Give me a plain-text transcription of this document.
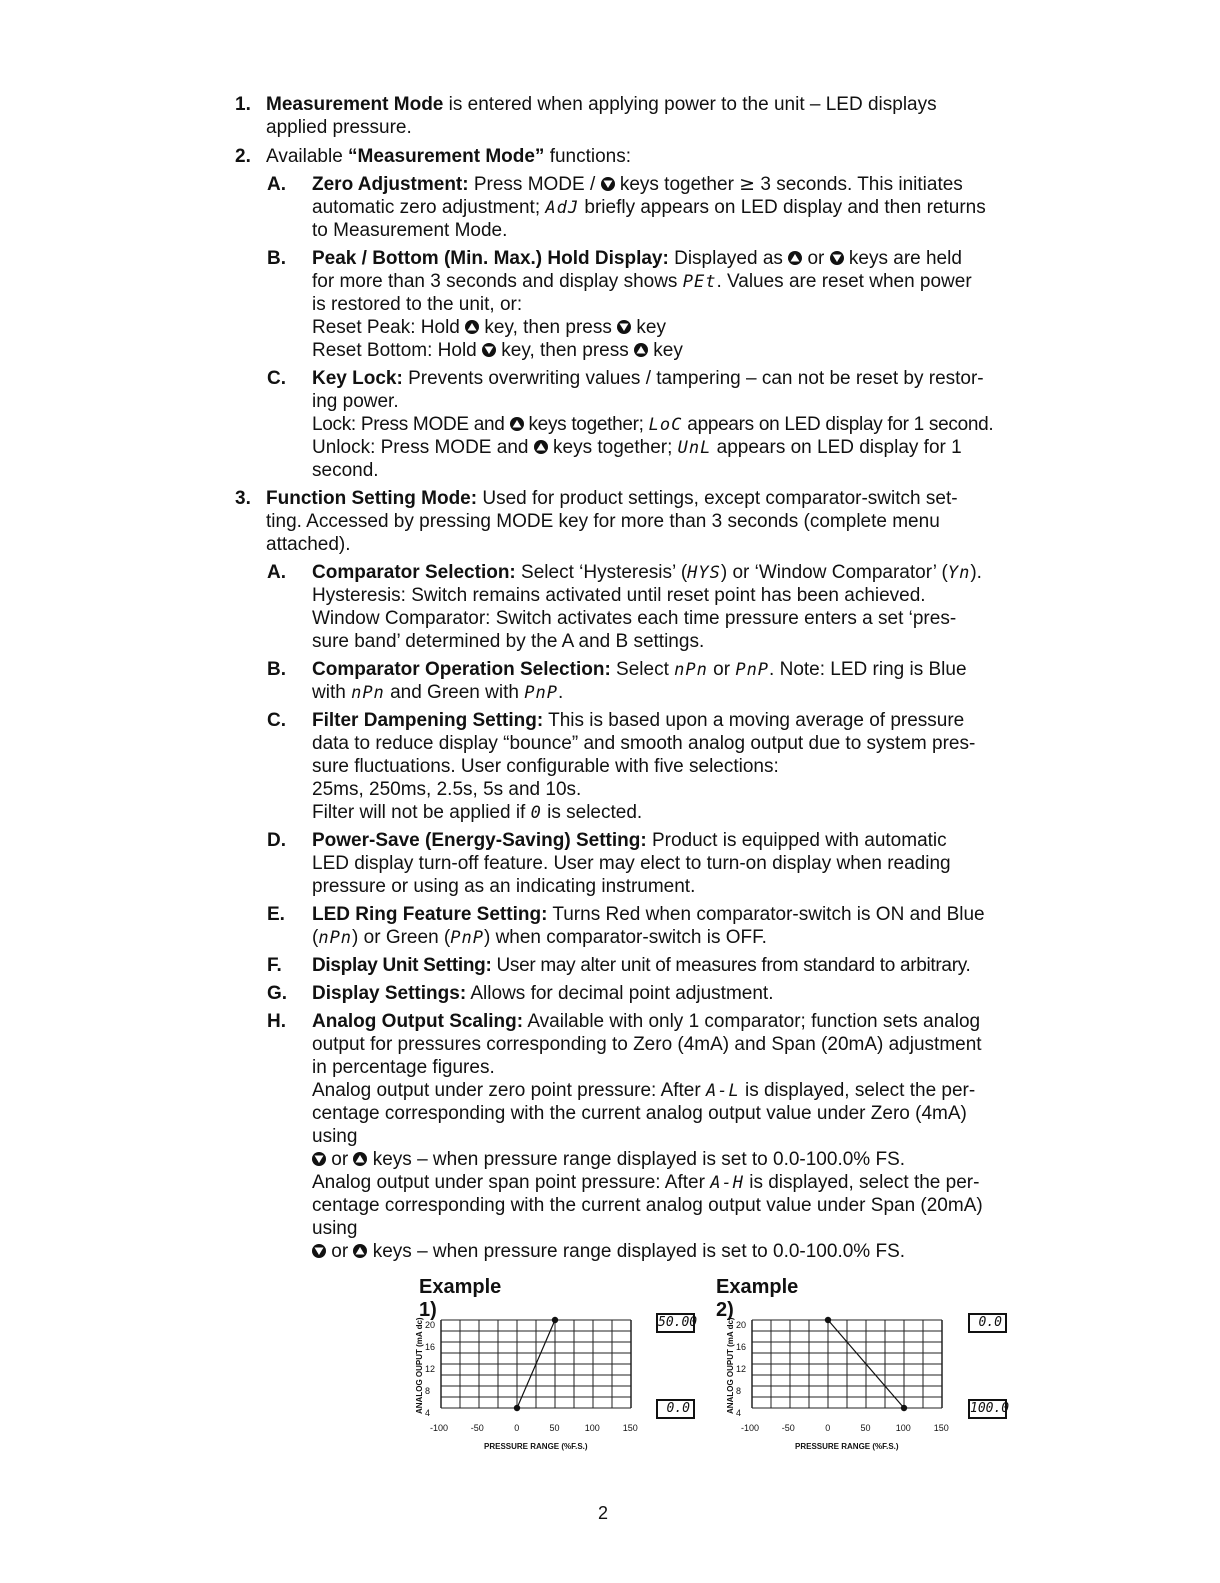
1. Measurement Mode is entered when applying power to the unit – LED displays
applied pressure.
2. Available “Measurement Mode” functions:
A. Zero Adjustment: Press MODE /
keys together ≥ 3 seconds. This initiates
automatic zero adjustment; AdJ briefly appears on LED display and then returns
to Measurement Mode.
B. Peak / Bottom (Min. Max.) Hold Display: Displayed as
or
keys are held
for more than 3 seconds and display shows PEt. Values are reset when power
is restored to the unit, or:
Reset Peak: Hold
key, then press
key
Reset Bottom: Hold
key, then press
key
C. Key Lock: Prevents overwriting values / tampering – can not be reset by restor-
ing power.
Lock: Press MODE and
keys together; LoC appears on LED display for 1 second.
Unlock: Press MODE and
keys together; UnL appears on LED display for 1
second.
3. Function Setting Mode: Used for product settings, except comparator-switch set-
ting. Accessed by pressing MODE key for more than 3 seconds (complete menu
attached).
A. Comparator Selection: Select ‘Hysteresis’ (HYS) or ‘Window Comparator’ (Yn).
Hysteresis: Switch remains activated until reset point has been achieved.
Window Comparator: Switch activates each time pressure enters a set ‘pres-
sure band’ determined by the A and B settings.
B. Comparator Operation Selection: Select nPn or PnP. Note: LED ring is Blue
with nPn and Green with PnP.
C. Filter Dampening Setting: This is based upon a moving average of pressure
data to reduce display “bounce” and smooth analog output due to system pres-
sure fluctuations. User configurable with five selections:
25ms, 250ms, 2.5s, 5s and 10s.
Filter will not be applied if 0 is selected.
D. Power-Save (Energy-Saving) Setting: Product is equipped with automatic
LED display turn-off feature. User may elect to turn-on display when reading
pressure or using as an indicating instrument.
E. LED Ring Feature Setting: Turns Red when comparator-switch is ON and Blue
(nPn) or Green (PnP) when comparator-switch is OFF.
F. Display Unit Setting: User may alter unit of measures from standard to arbitrary.
G. Display Settings: Allows for decimal point adjustment.
H. Analog Output Scaling: Available with only 1 comparator; function sets analog
output for pressures corresponding to Zero (4mA) and Span (20mA) adjustment
in percentage figures.
Analog output under zero point pressure: After A-L is displayed, select the per-
centage corresponding with the current analog output value under Zero (4mA)
using
or
keys – when pressure range displayed is set to 0.0-100.0% FS.
Analog output under span point pressure: After A-H is displayed, select the per-
centage corresponding with the current analog output value under Span (20mA)
using
or
keys – when pressure range displayed is set to 0.0-100.0% FS.
Example 1)
4
8
12
16
20
-100	-50	0	50	100	150
ANALOG OUPUT (mA dc)
PRESSURE RANGE (%F.S.)
50.00
0.0
Example 2)
4
8
12
16
20
-100	-50	0	50	100	150
ANALOG OUPUT (mA dc)
PRESSURE RANGE (%F.S.)
0.0
100.0
2
